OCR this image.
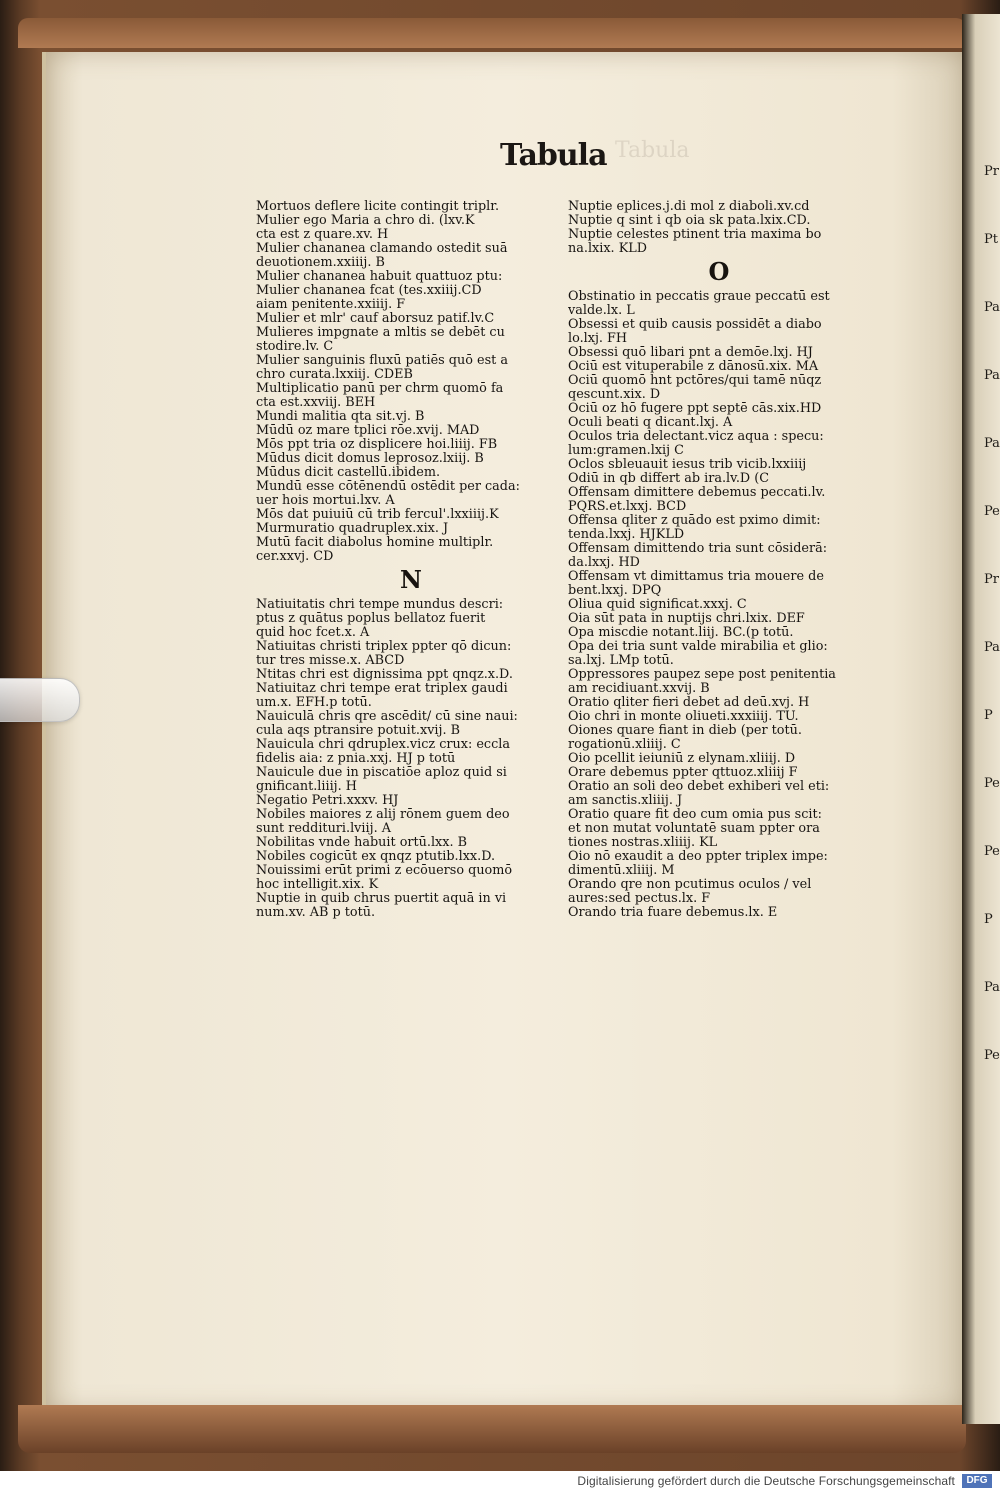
Pr
Pt
Pa
Pa
Pa
Pe
Pr
Pa
P
Pe
Pe
P
Pa
Pe
Tabula
Tabula
Mortuos deflere licite contingit triplr.
Mulier ego Maria a chro di. (lxv.K
cta est z quare.xv. H
Mulier chananea clamando ostedit suā
deuotionem.xxiiij. B
Mulier chananea habuit quattuoz ptu:
Mulier chananea fcat (tes.xxiiij.CD
aiam penitente.xxiiij. F
Mulier et mlr' cauf aborsuz patif.lv.C
Mulieres impgnate a mltis se debēt cu
stodire.lv. C
Mulier sanguinis fluxū patiēs quō est a
chro curata.lxxiij. CDEB
Multiplicatio panū per chrm quomō fa
cta est.xxviij. BEH
Mundi malitia qta sit.vj. B
Mūdū oz mare tplici rōe.xvij. MAD
Mōs ppt tria oz displicere hoi.liiij. FB
Mūdus dicit domus leprosoz.lxiij. B
Mūdus dicit castellū.ibidem.
Mundū esse cōtēnendū ostēdit per cada:
uer hois mortui.lxv. A
Mōs dat puiuiū cū trib fercul'.lxxiiij.K
Murmuratio quadruplex.xix. J
Mutū facit diabolus homine multiplr.
cer.xxvj. CD
N
Natiuitatis chri tempe mundus descri:
ptus z quātus poplus bellatoz fuerit
quid hoc fcet.x. A
Natiuitas christi triplex ppter qō dicun:
tur tres misse.x. ABCD
Ntitas chri est dignissima ppt qnqz.x.D.
Natiuitaz chri tempe erat triplex gaudi
um.x. EFH.p totū.
Nauiculā chris qre ascēdit/ cū sine naui:
cula aqs ptransire potuit.xvij. B
Nauicula chri qdruplex.vicz crux: eccla
fidelis aia: z pnia.xxj. HJ p totū
Nauicule due in piscatiōe aploz quid si
gnificant.liiij. H
Negatio Petri.xxxv. HJ
Nobiles maiores z alij rōnem guem deo
sunt reddituri.lviij. A
Nobilitas vnde habuit ortū.lxx. B
Nobiles cogicūt ex qnqz ptutib.lxx.D.
Nouissimi erūt primi z ecōuerso quomō
hoc intelligit.xix. K
Nuptie in quib chrus puertit aquā in vi
num.xv. AB p totū.
Nuptie eplices.j.di mol z diaboli.xv.cd
Nuptie q sint i qb oia sk pata.lxix.CD.
Nuptie celestes ptinent tria maxima bo
na.lxix. KLD
O
Obstinatio in peccatis graue peccatū est
valde.lx. L
Obsessi et quib causis possidēt a diabo
lo.lxj. FH
Obsessi quō libari pnt a demōe.lxj. HJ
Ociū est vituperabile z dānosū.xix. MA
Ociū quomō hnt pctōres/qui tamē nūqz
qescunt.xix. D
Ociū oz hō fugere ppt septē cās.xix.HD
Oculi beati q dicant.lxj. A
Oculos tria delectant.vicz aqua : specu:
lum:gramen.lxij C
Oclos sbleuauit iesus trib vicib.lxxiiij
Odiū in qb differt ab ira.lv.D (C
Offensam dimittere debemus peccati.lv.
PQRS.et.lxxj. BCD
Offensa qliter z quādo est pximo dimit:
tenda.lxxj. HJKLD
Offensam dimittendo tria sunt cōsiderā:
da.lxxj. HD
Offensam vt dimittamus tria mouere de
bent.lxxj. DPQ
Oliua quid significat.xxxj. C
Oia sūt pata in nuptijs chri.lxix. DEF
Opa miscdie notant.liij. BC.(p totū.
Opa dei tria sunt valde mirabilia et glio:
sa.lxj. LMp totū.
Oppressores paupez sepe post penitentia
am recidiuant.xxvij. B
Oratio qliter fieri debet ad deū.xvj. H
Oio chri in monte oliueti.xxxiiij. TU.
Oiones quare fiant in dieb (per totū.
rogationū.xliiij. C
Oio pcellit ieiuniū z elynam.xliiij. D
Orare debemus ppter qttuoz.xliiij F
Oratio an soli deo debet exhiberi vel eti:
am sanctis.xliiij. J
Oratio quare fit deo cum omia pus scit:
et non mutat voluntatē suam ppter ora
tiones nostras.xliiij. KL
Oio nō exaudit a deo ppter triplex impe:
dimentū.xliiij. M
Orando qre non pcutimus oculos / vel
aures:sed pectus.lx. F
Orando tria fuare debemus.lx. E
Digitalisierung gefördert durch die Deutsche Forschungsgemeinschaft	DFG
